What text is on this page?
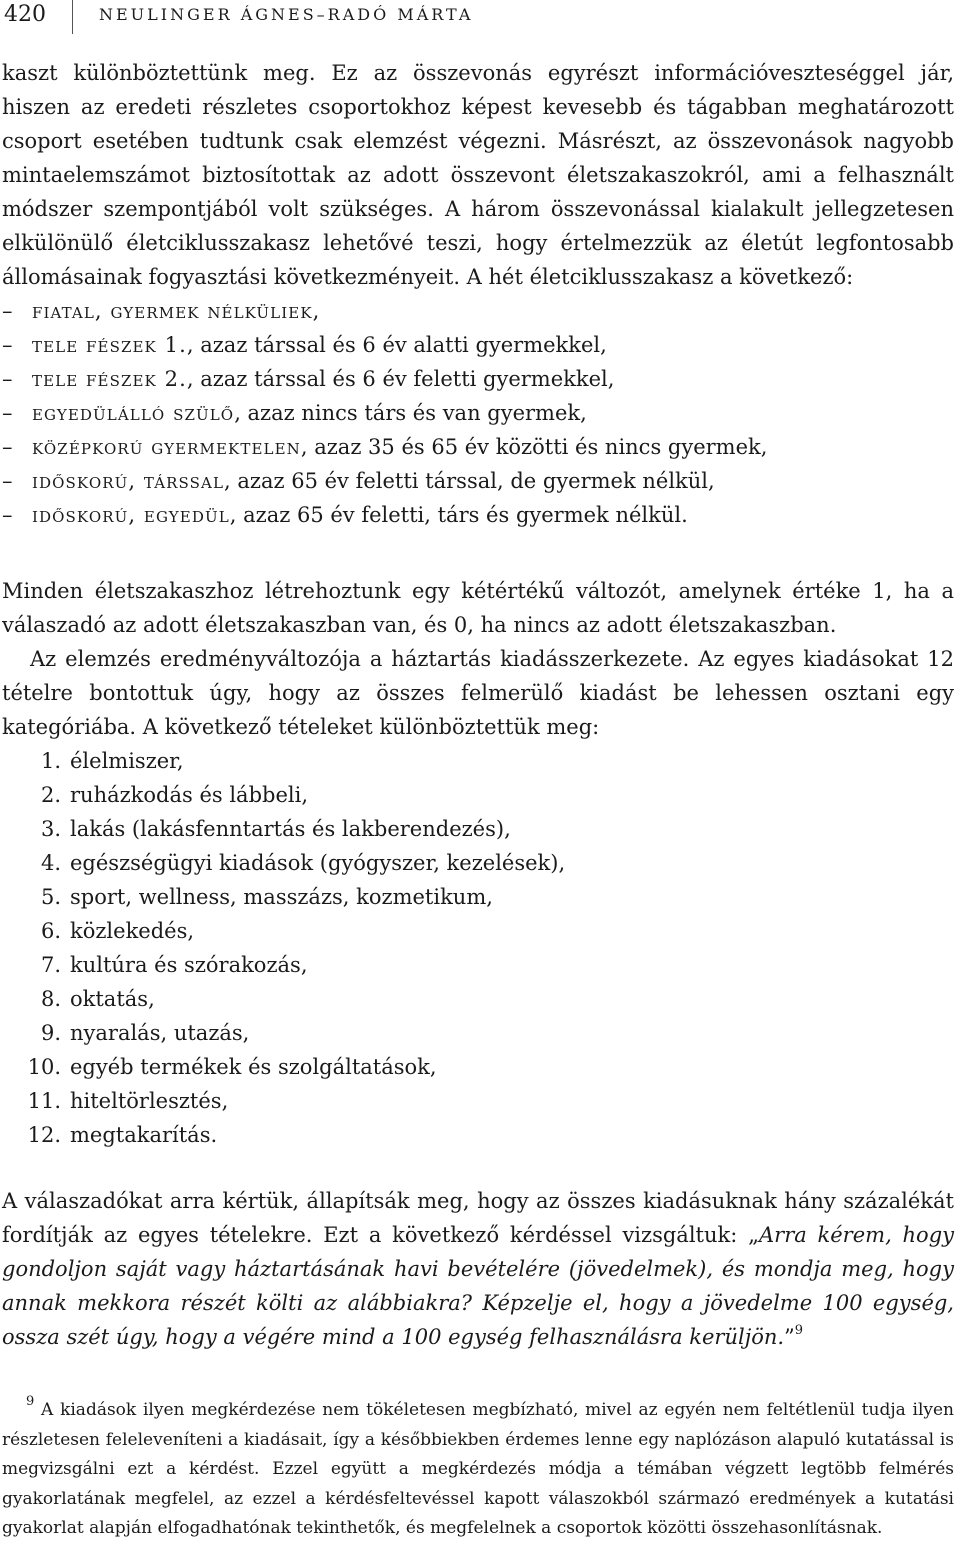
420	NEULINGER ÁGNES–RADÓ MÁRTA

kaszt különböztettünk meg. Ez az összevonás egyrészt információveszteséggel jár, hiszen az eredeti részletes csoportokhoz képest kevesebb és tágabban meghatározott csoport esetében tudtunk csak elemzést végezni. Másrészt, az összevonások nagyobb mintaelemszámot biztosítottak az adott összevont életszakaszokról, ami a felhasznált módszer szempontjából volt szükséges. A három összevonással kialakult jellegzetesen elkülönülő életciklusszakasz lehetővé teszi, hogy értelmezzük az életút legfontosabb állomásainak fogyasztási következményeit. A hét életciklusszakasz a következő:

– fiatal, gyermek nélküliek,
– tele fészek 1., azaz társsal és 6 év alatti gyermekkel,
– tele fészek 2., azaz társsal és 6 év feletti gyermekkel,
– egyedülálló szülő, azaz nincs társ és van gyermek,
– középkorú gyermektelen, azaz 35 és 65 év közötti és nincs gyermek,
– időskorú, társsal, azaz 65 év feletti társsal, de gyermek nélkül,
– időskorú, egyedül, azaz 65 év feletti, társ és gyermek nélkül.

Minden életszakaszhoz létrehoztunk egy kétértékű változót, amelynek értéke 1, ha a válaszadó az adott életszakaszban van, és 0, ha nincs az adott életszakaszban.

Az elemzés eredményváltozója a háztartás kiadásszerkezete. Az egyes kiadásokat 12 tételre bontottuk úgy, hogy az összes felmerülő kiadást be lehessen osztani egy kategóriába. A következő tételeket különböztettük meg:

1. élelmiszer,
2. ruházkodás és lábbeli,
3. lakás (lakásfenntartás és lakberendezés),
4. egészségügyi kiadások (gyógyszer, kezelések),
5. sport, wellness, masszázs, kozmetikum,
6. közlekedés,
7. kultúra és szórakozás,
8. oktatás,
9. nyaralás, utazás,
10. egyéb termékek és szolgáltatások,
11. hiteltörlesztés,
12. megtakarítás.

A válaszadókat arra kértük, állapítsák meg, hogy az összes kiadásuknak hány százalékát fordítják az egyes tételekre. Ezt a következő kérdéssel vizsgáltuk: „Arra kérem, hogy gondoljon saját vagy háztartásának havi bevételére (jövedelmek), és mondja meg, hogy annak mekkora részét költi az alábbiakra? Képzelje el, hogy a jövedelme 100 egység, ossza szét úgy, hogy a végére mind a 100 egység felhasználásra kerüljön.”$^9$

$^9$ A kiadások ilyen megkérdezése nem tökéletesen megbízható, mivel az egyén nem feltétlenül tudja ilyen részletesen feleleveníteni a kiadásait, így a későbbiekben érdemes lenne egy naplózáson alapuló kutatással is megvizsgálni ezt a kérdést. Ezzel együtt a megkérdezés módja a témában végzett legtöbb felmérés gyakorlatának megfelel, az ezzel a kérdésfeltevéssel kapott válaszokból származó eredmények a kutatási gyakorlat alapján elfogadhatónak tekinthetők, és megfelelnek a csoportok közötti összehasonlításnak.
